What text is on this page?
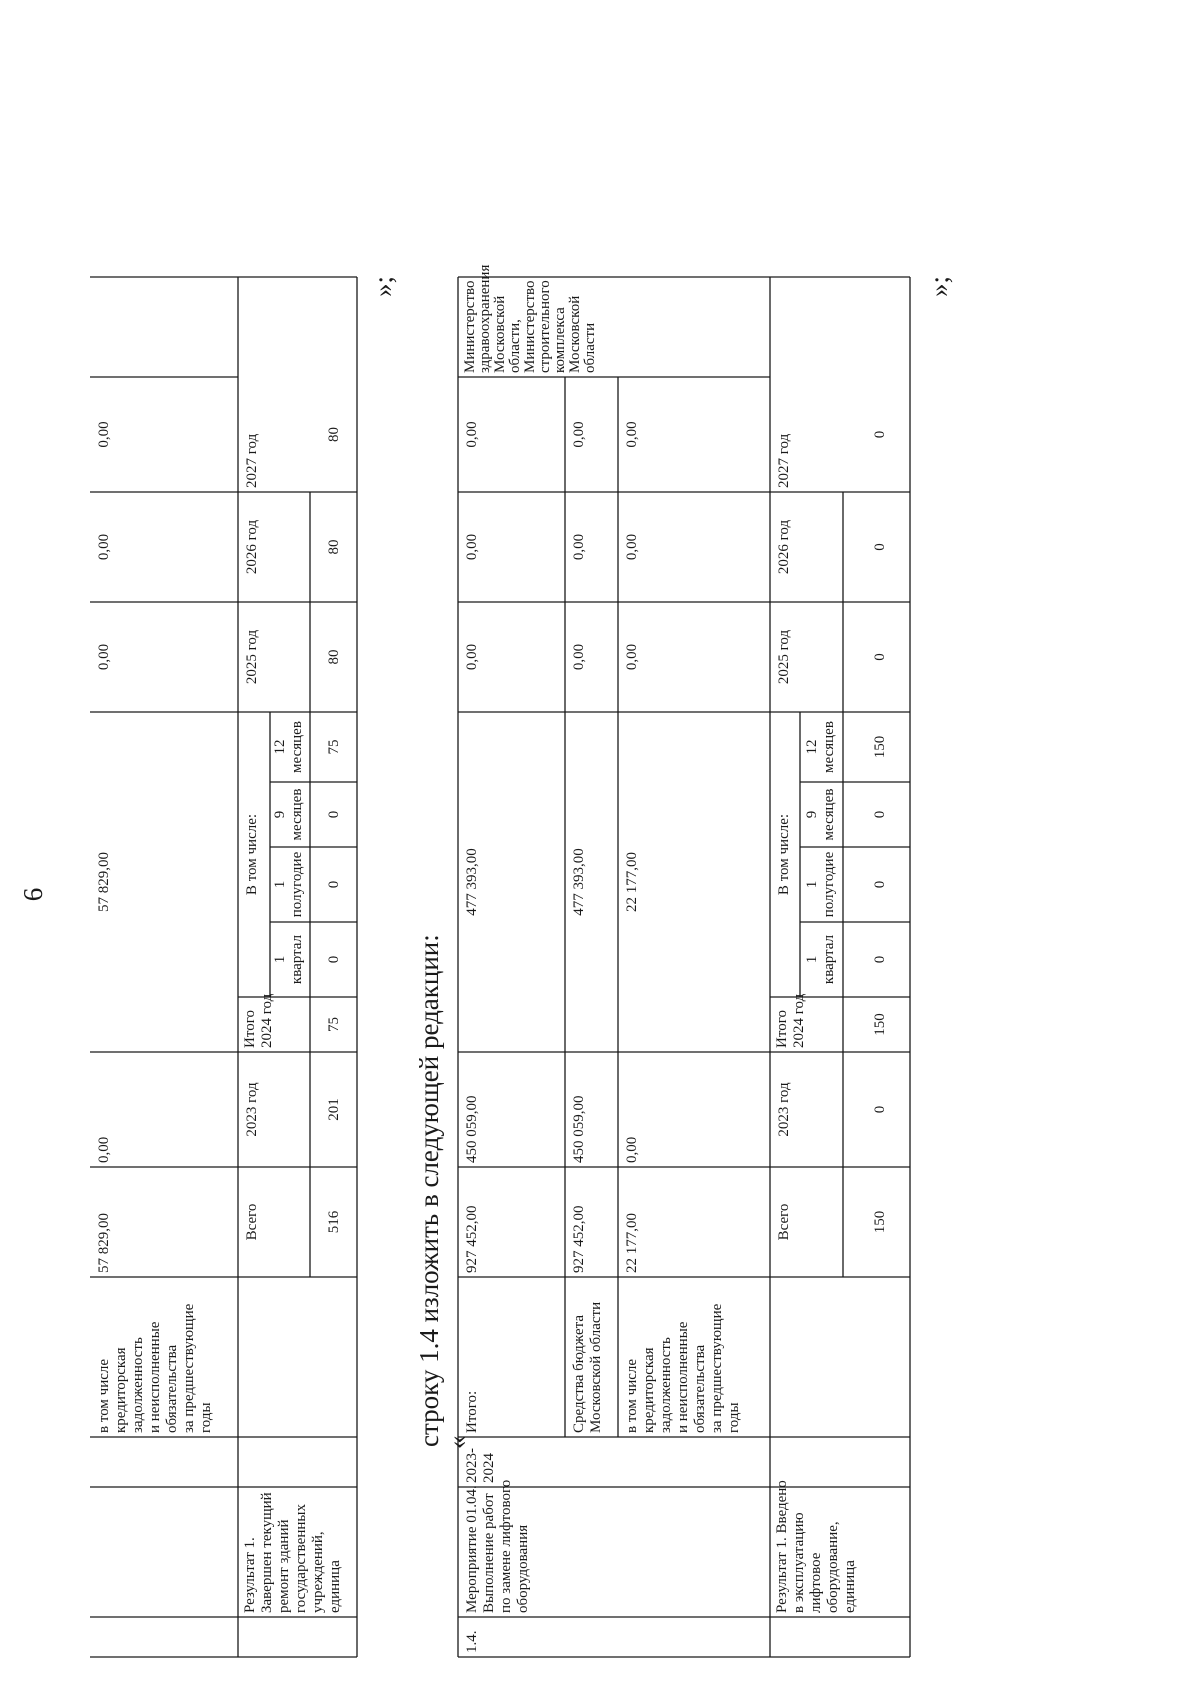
в том числе кредиторская задолженность и неисполненные обязательства за предшествующие годы
57 829,00
0,00
57 829,00
0,00
0,00
0,00
Результат 1. Завершен текущий ремонт зданий государственных учреждений, единица
Всего
2023 год
Итого 2024 год
В том числе:
1 квартал
1 полугодие
9 месяцев
12 месяцев
2025 год
2026 год
2027 год
516
201
75
0
0
0
75
80
80
80
»;
6
строку 1.4 изложить в следующей редакции:
«
1.4.
Мероприятие 01.04. Выполнение работ по замене лифтового оборудования
2023- 2024
Министерство здравоохранения Московской области, Министерство строительного комплекса Московской области
Итого:
927 452,00
450 059,00
477 393,00
0,00
0,00
0,00
Средства бюджета Московской области
927 452,00
450 059,00
477 393,00
0,00
0,00
0,00
в том числе кредиторская задолженность и неисполненные обязательства за предшествующие годы
22 177,00
0,00
22 177,00
0,00
0,00
0,00
Результат 1. Введено в эксплуатацию лифтовое оборудование, единица
Всего
2023 год
Итого 2024 год
В том числе:
1 квартал
1 полугодие
9 месяцев
12 месяцев
2025 год
2026 год
2027 год
150
0
150
0
0
0
150
0
0
0
»;
